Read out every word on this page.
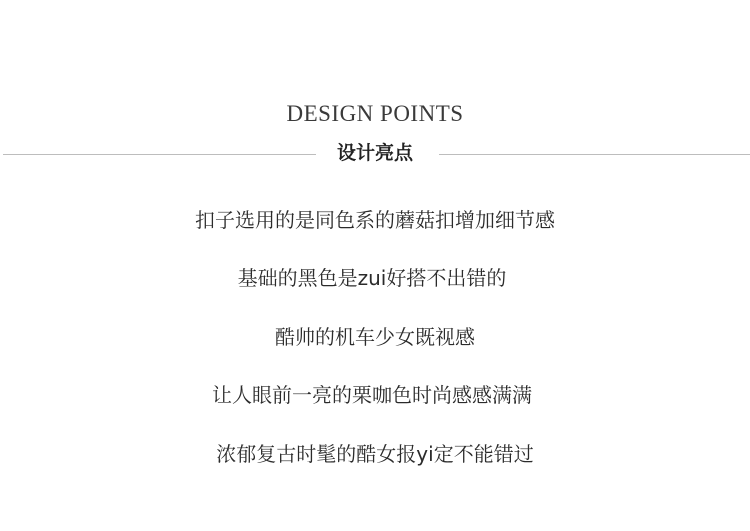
DESIGN POINTS
设计亮点
扣子选用的是同色系的蘑菇扣增加细节感
基础的黑色是zui好搭不出错的
酷帅的机车少女既视感
让人眼前一亮的栗咖色时尚感感满满
浓郁复古时髦的酷女报yi定不能错过
